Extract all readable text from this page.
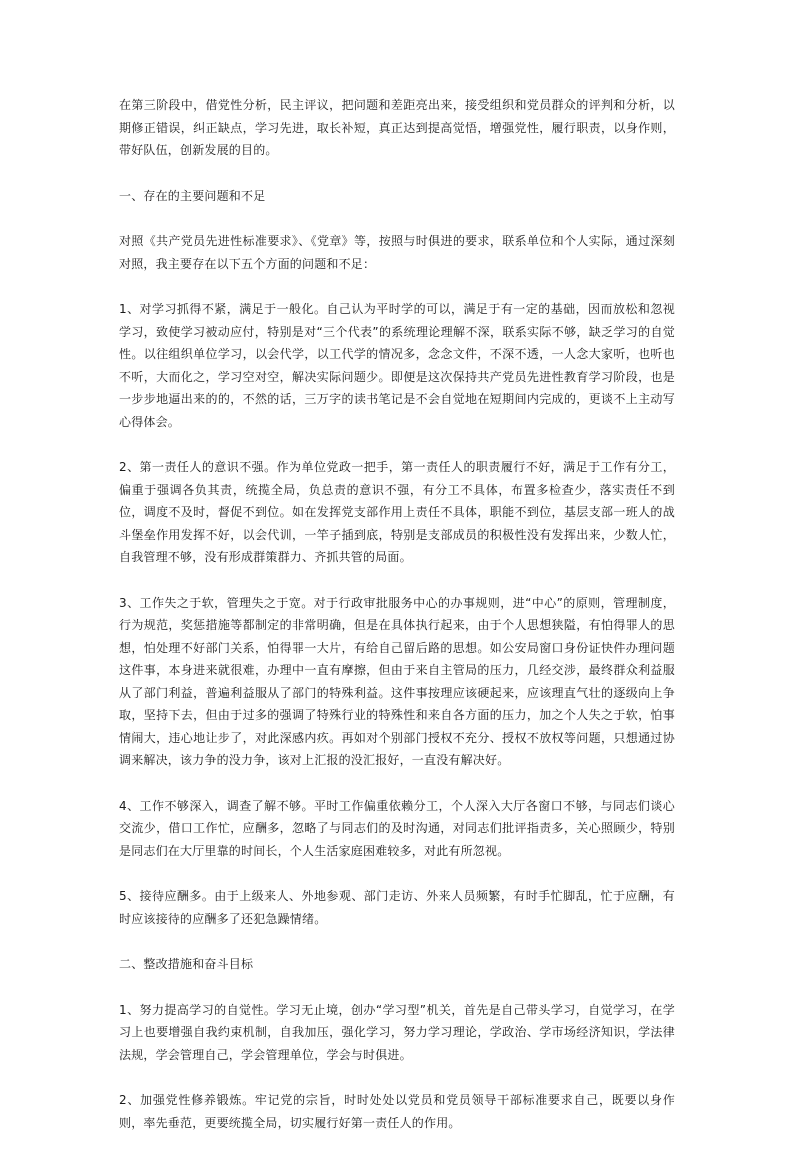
在第三阶段中，借党性分析，民主评议，把问题和差距亮出来，接受组织和党员群众的评判和分析，以期修正错误，纠正缺点，学习先进，取长补短，真正达到提高觉悟，增强党性，履行职责，以身作则，带好队伍，创新发展的目的。

一、存在的主要问题和不足

对照《共产党员先进性标准要求》、《党章》等，按照与时俱进的要求，联系单位和个人实际，通过深刻对照，我主要存在以下五个方面的问题和不足：

1、对学习抓得不紧，满足于一般化。自己认为平时学的可以，满足于有一定的基础，因而放松和忽视学习，致使学习被动应付，特别是对“三个代表”的系统理论理解不深，联系实际不够，缺乏学习的自觉性。以往组织单位学习，以会代学，以工代学的情况多，念念文件，不深不透，一人念大家听，也听也不听，大而化之，学习空对空，解决实际问题少。即便是这次保持共产党员先进性教育学习阶段，也是一步步地逼出来的的，不然的话，三万字的读书笔记是不会自觉地在短期间内完成的，更谈不上主动写心得体会。

2、第一责任人的意识不强。作为单位党政一把手，第一责任人的职责履行不好，满足于工作有分工，偏重于强调各负其责，统揽全局，负总责的意识不强，有分工不具体，布置多检查少，落实责任不到位，调度不及时，督促不到位。如在发挥党支部作用上责任不具体，职能不到位，基层支部一班人的战斗堡垒作用发挥不好，以会代训，一竿子插到底，特别是支部成员的积极性没有发挥出来，少数人忙，自我管理不够，没有形成群策群力、齐抓共管的局面。

3、工作失之于软，管理失之于宽。对于行政审批服务中心的办事规则，进“中心”的原则，管理制度，行为规范，奖惩措施等都制定的非常明确，但是在具体执行起来，由于个人思想狭隘，有怕得罪人的思想，怕处理不好部门关系，怕得罪一大片，有给自己留后路的思想。如公安局窗口身份证快件办理问题这件事，本身进来就很难，办理中一直有摩擦，但由于来自主管局的压力，几经交涉，最终群众利益服从了部门利益，普遍利益服从了部门的特殊利益。这件事按理应该硬起来，应该理直气壮的逐级向上争取，坚持下去，但由于过多的强调了特殊行业的特殊性和来自各方面的压力，加之个人失之于软，怕事情闹大，违心地让步了，对此深感内疚。再如对个别部门授权不充分、授权不放权等问题，只想通过协调来解决，该力争的没力争，该对上汇报的没汇报好，一直没有解决好。

4、工作不够深入，调查了解不够。平时工作偏重依赖分工，个人深入大厅各窗口不够，与同志们谈心交流少，借口工作忙，应酬多，忽略了与同志们的及时沟通，对同志们批评指责多，关心照顾少，特别是同志们在大厅里靠的时间长，个人生活家庭困难较多，对此有所忽视。

5、接待应酬多。由于上级来人、外地参观、部门走访、外来人员频繁，有时手忙脚乱，忙于应酬，有时应该接待的应酬多了还犯急躁情绪。

二、整改措施和奋斗目标

1、努力提高学习的自觉性。学习无止境，创办“学习型”机关，首先是自己带头学习，自觉学习，在学习上也要增强自我约束机制，自我加压，强化学习，努力学习理论，学政治、学市场经济知识，学法律法规，学会管理自己，学会管理单位，学会与时俱进。

2、加强党性修养锻炼。牢记党的宗旨，时时处处以党员和党员领导干部标准要求自己，既要以身作则，率先垂范，更要统揽全局，切实履行好第一责任人的作用。
